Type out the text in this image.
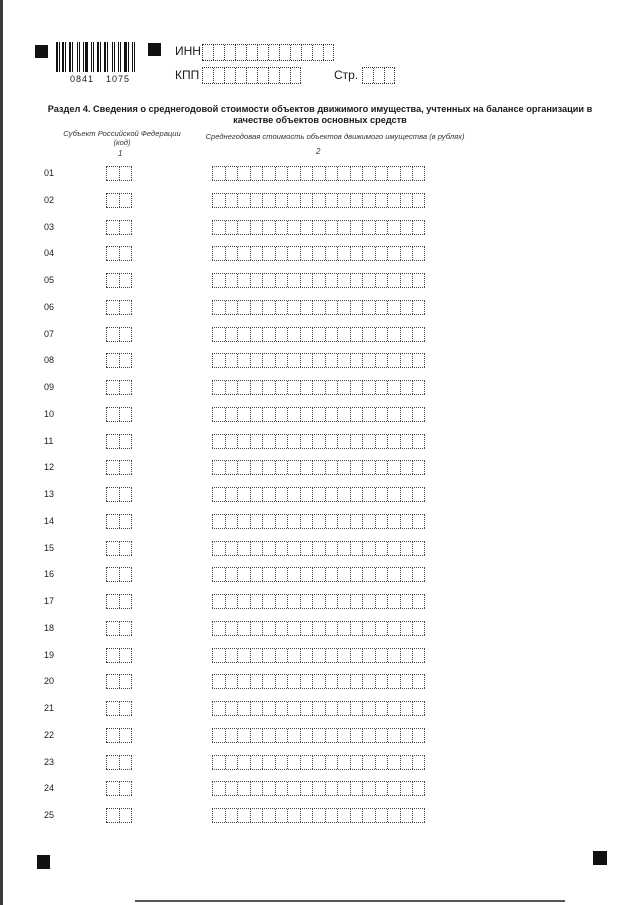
0841 1075
ИНН
КПП	Стр.
Раздел 4. Сведения о среднегодовой стоимости объектов движимого имущества, учтенных на балансе организации в качестве объектов основных средств
Субъект Российской Федерации (код)
1
Среднегодовая стоимость объектов движимого имущества (в рублях)
2
01
02
03
04
05
06
07
08
09
10
11
12
13
14
15
16
17
18
19
20
21
22
23
24
25
